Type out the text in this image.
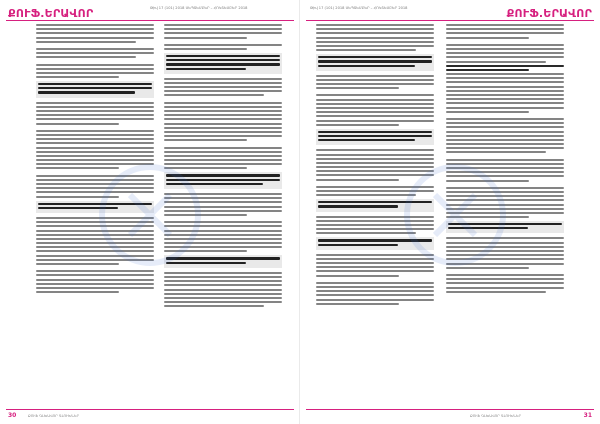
ՔՈՒՖ.ԵՐԱՎՈՐ	Թիվ 17 (101) 2018 ՍԵՊՏԵՄԲԵՐ – ՀՈԿՏԵՄԲԵՐ 2018
30	ՔՈՒՖ ԳԼԽԱՎՈՐ ԳԼՈՒԽՆԵՐ
Թիվ 17 (101) 2018 ՍԵՊՏԵՄԲԵՐ – ՀՈԿՏԵՄԲԵՐ 2018	ՔՈՒՖ.ԵՐԱՎՈՐ
ՔՈՒՖ ԳԼԽԱՎՈՐ ԳԼՈՒԽՆԵՐ	31
